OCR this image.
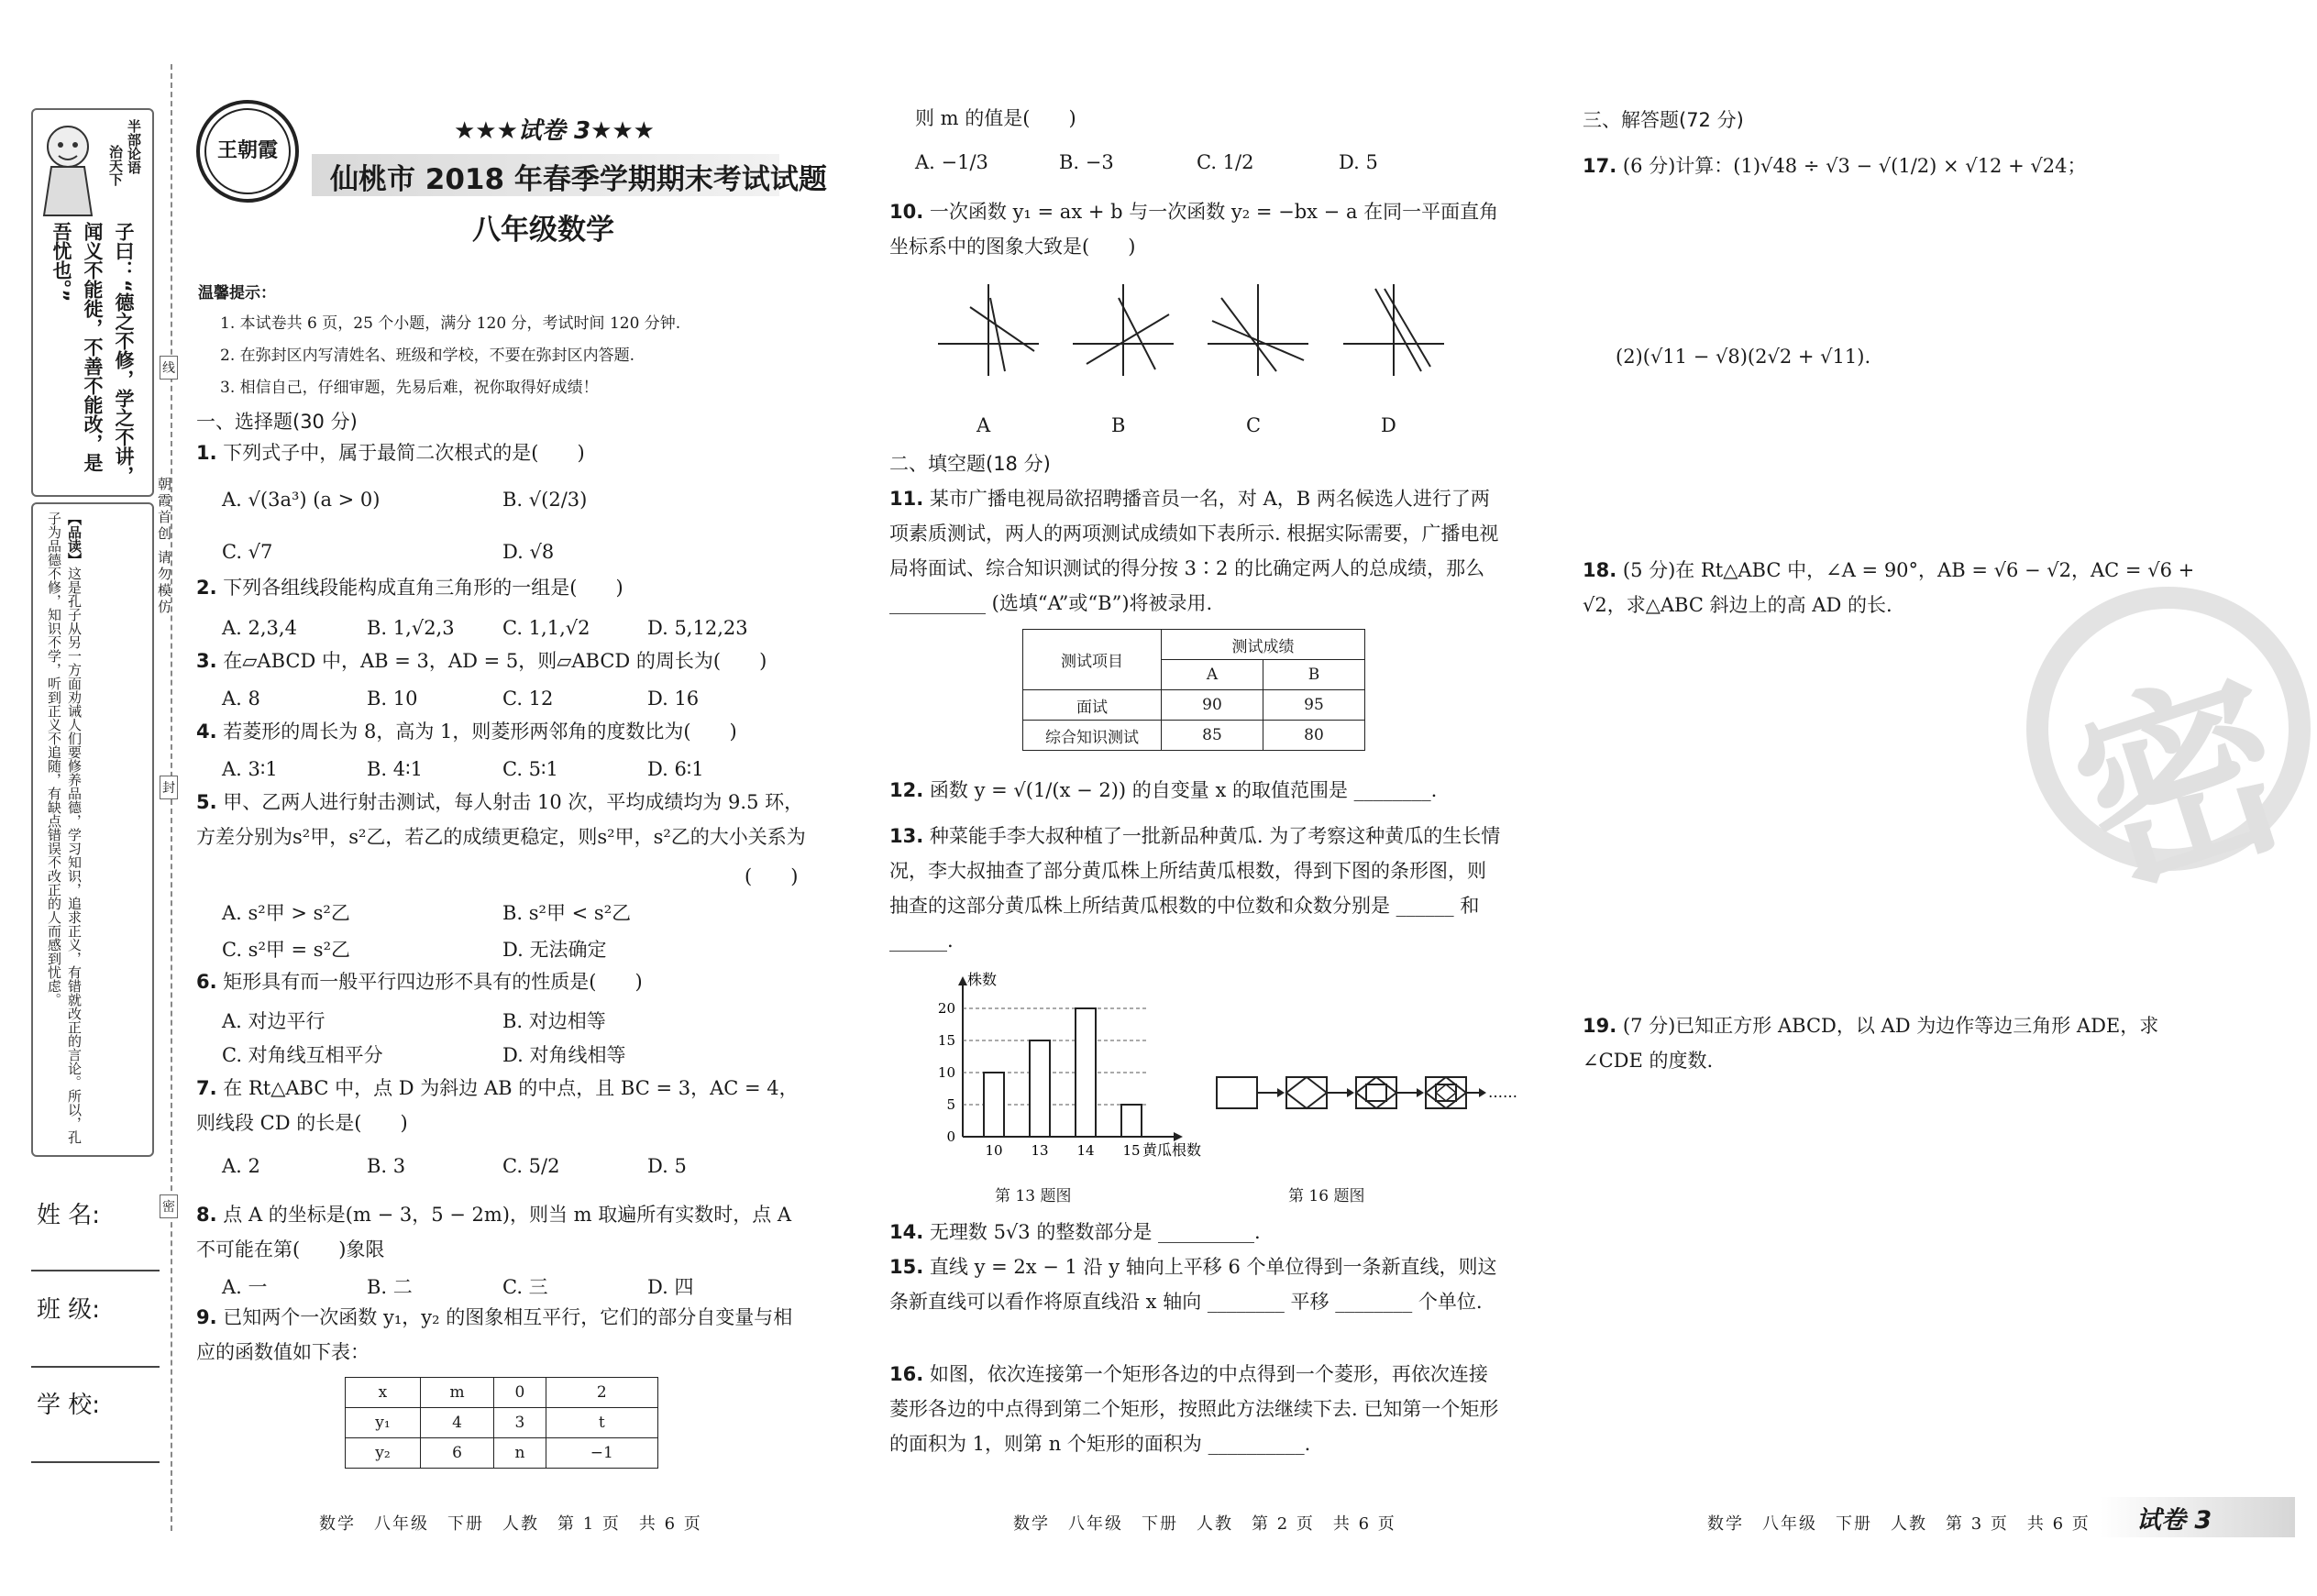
半部论语
治天下
子曰：“德之不修，学之不讲，闻义不能徙，不善不能改，是吾忧也。”
【品读】这是孔子从另一方面劝诫人们要修养品德，学习知识，追求正义，有错就改正的言论。所以，孔子为品德不修，知识不学，听到正义不追随，有缺点错误不改正的人而感到忧虑。	朝霞首创 请勿模仿
姓 名:
班 级:
学 校:
线
封
密
王朝霞
★★★试卷 3★★★
仙桃市 2018 年春季学期期末考试试题
八年级数学
温馨提示：
1. 本试卷共 6 页，25 个小题，满分 120 分，考试时间 120 分钟.
2. 在弥封区内写清姓名、班级和学校，不要在弥封区内答题.
3. 相信自己，仔细审题，先易后难，祝你取得好成绩！
一、选择题(30 分)
1. 下列式子中，属于最简二次根式的是(　　)
A. √(3a³) (a > 0)	B. √(2/3)
C. √7	D. √8
2. 下列各组线段能构成直角三角形的一组是(　　)
A. 2,3,4	B. 1,√2,3 C. 1,1,√2	D. 5,12,23
3. 在▱ABCD 中，AB = 3，AD = 5，则▱ABCD 的周长为(　　)
A. 8	B. 10	C. 12	D. 16
4. 若菱形的周长为 8，高为 1，则菱形两邻角的度数比为(　　)
A. 3∶1	B. 4∶1	C. 5∶1	D. 6∶1
5. 甲、乙两人进行射击测试，每人射击 10 次，平均成绩均为 9.5 环，方差分别为s²甲，s²乙，若乙的成绩更稳定，则s²甲，s²乙的大小关系为
(　　)
A. s²甲 > s²乙	B. s²甲 < s²乙
C. s²甲 = s²乙	D. 无法确定
6. 矩形具有而一般平行四边形不具有的性质是(　　)
A. 对边平行	B. 对边相等
C. 对角线互相平分	D. 对角线相等
7. 在 Rt△ABC 中，点 D 为斜边 AB 的中点，且 BC = 3，AC = 4，则线段 CD 的长是(　　)
A. 2	B. 3	C. 5/2	D. 5
8. 点 A 的坐标是(m − 3，5 − 2m)，则当 m 取遍所有实数时，点 A 不可能在第(　　)象限
A. 一	B. 二	C. 三	D. 四
9. 已知两个一次函数 y₁，y₂ 的图象相互平行，它们的部分自变量与相应的函数值如下表：
x	m	0	2
y₁	4	3	t
y₂	6	n	−1
数学　八年级　下册　人教　第 1 页　共 6 页
则 m 的值是(　　)
A. −1/3	B. −3	C. 1/2	D. 5
10. 一次函数 y₁ = ax + b 与一次函数 y₂ = −bx − a 在同一平面直角坐标系中的图象大致是(　　)
A	B	C	D
二、填空题(18 分)
11. 某市广播电视局欲招聘播音员一名，对 A，B 两名候选人进行了两项素质测试，两人的两项测试成绩如下表所示. 根据实际需要，广播电视局将面试、综合知识测试的得分按 3∶2 的比确定两人的总成绩，那么 __________ (选填“A”或“B”)将被录用.
测试项目	测试成绩	
	A	B
面试	90	95
综合知识测试	85	80
12. 函数 y = √(1/(x − 2)) 的自变量 x 的取值范围是 ________.
13. 种菜能手李大叔种植了一批新品种黄瓜. 为了考察这种黄瓜的生长情况，李大叔抽查了部分黄瓜株上所结黄瓜根数，得到下图的条形图，则抽查的这部分黄瓜株上所结黄瓜根数的中位数和众数分别是 ______ 和 ______.
株数
黄瓜根数
0
5
10
15
20
10 13 14 15
第 13 题图
……
第 16 题图
14. 无理数 5√3 的整数部分是 __________.
15. 直线 y = 2x − 1 沿 y 轴向上平移 6 个单位得到一条新直线，则这条新直线可以看作将原直线沿 x 轴向 ________ 平移 ________ 个单位.
16. 如图，依次连接第一个矩形各边的中点得到一个菱形，再依次连接菱形各边的中点得到第二个矩形，按照此方法继续下去. 已知第一个矩形的面积为 1，则第 n 个矩形的面积为 __________.
数学　八年级　下册　人教　第 2 页　共 6 页
三、解答题(72 分)
17. (6 分)计算：(1)√48 ÷ √3 − √(1/2) × √12 + √24；
(2)(√11 − √8)(2√2 + √11).
18. (5 分)在 Rt△ABC 中，∠A = 90°，AB = √6 − √2，AC = √6 + √2，求△ABC 斜边上的高 AD 的长.
19. (7 分)已知正方形 ABCD，以 AD 为边作等边三角形 ADE，求∠CDE 的度数.
密
数学　八年级　下册　人教　第 3 页　共 6 页 试卷 3
